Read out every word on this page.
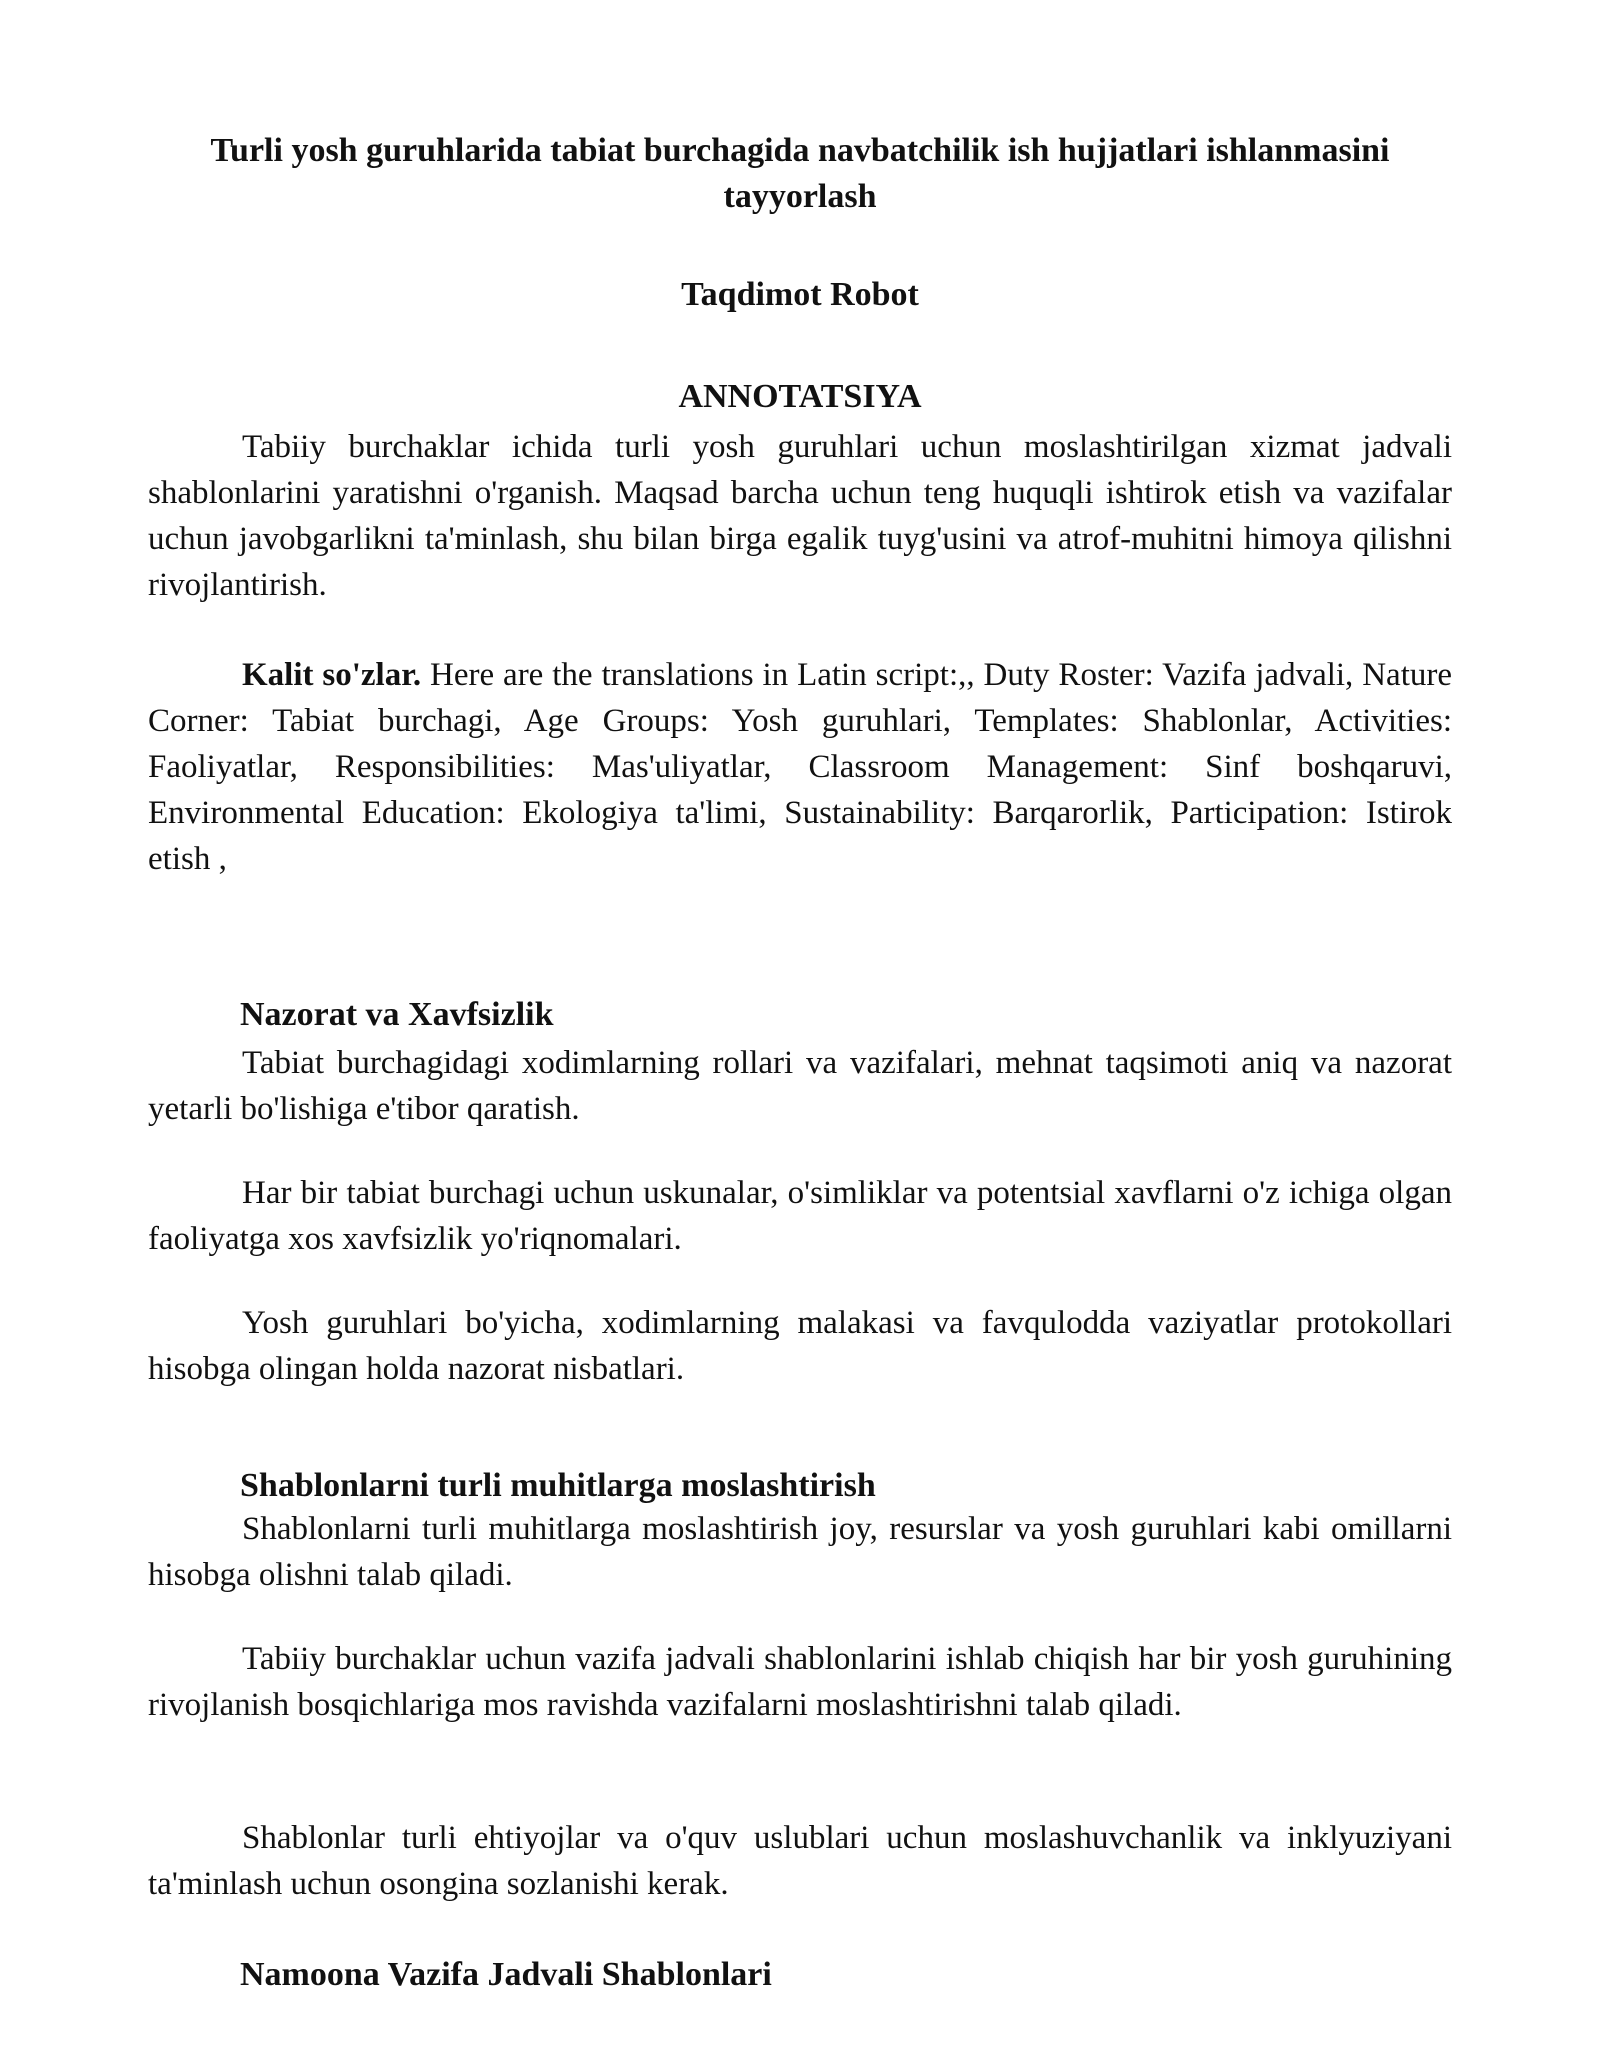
Turli yosh guruhlarida tabiat burchagida navbatchilik ish hujjatlari ishlanmasini tayyorlash

Taqdimot Robot

ANNOTATSIYA

Tabiiy burchaklar ichida turli yosh guruhlari uchun moslashtirilgan xizmat jadvali shablonlarini yaratishni o'rganish. Maqsad barcha uchun teng huquqli ishtirok etish va vazifalar uchun javobgarlikni ta'minlash, shu bilan birga egalik tuyg'usini va atrof-muhitni himoya qilishni rivojlantirish.

Kalit so'zlar. Here are the translations in Latin script:,, Duty Roster: Vazifa jadvali, Nature Corner: Tabiat burchagi, Age Groups: Yosh guruhlari, Templates: Shablonlar, Activities: Faoliyatlar, Responsibilities: Mas'uliyatlar, Classroom Management: Sinf boshqaruvi, Environmental Education: Ekologiya ta'limi, Sustainability: Barqarorlik, Participation: Istirok etish ,

Nazorat va Xavfsizlik

Tabiat burchagidagi xodimlarning rollari va vazifalari, mehnat taqsimoti aniq va nazorat yetarli bo'lishiga e'tibor qaratish.

Har bir tabiat burchagi uchun uskunalar, o'simliklar va potentsial xavflarni o'z ichiga olgan faoliyatga xos xavfsizlik yo'riqnomalari.

Yosh guruhlari bo'yicha, xodimlarning malakasi va favqulodda vaziyatlar protokollari hisobga olingan holda nazorat nisbatlari.

Shablonlarni turli muhitlarga moslashtirish

Shablonlarni turli muhitlarga moslashtirish joy, resurslar va yosh guruhlari kabi omillarni hisobga olishni talab qiladi.

Tabiiy burchaklar uchun vazifa jadvali shablonlarini ishlab chiqish har bir yosh guruhining rivojlanish bosqichlariga mos ravishda vazifalarni moslashtirishni talab qiladi.

Shablonlar turli ehtiyojlar va o'quv uslublari uchun moslashuvchanlik va inklyuziyani ta'minlash uchun osongina sozlanishi kerak.

Namoona Vazifa Jadvali Shablonlari
